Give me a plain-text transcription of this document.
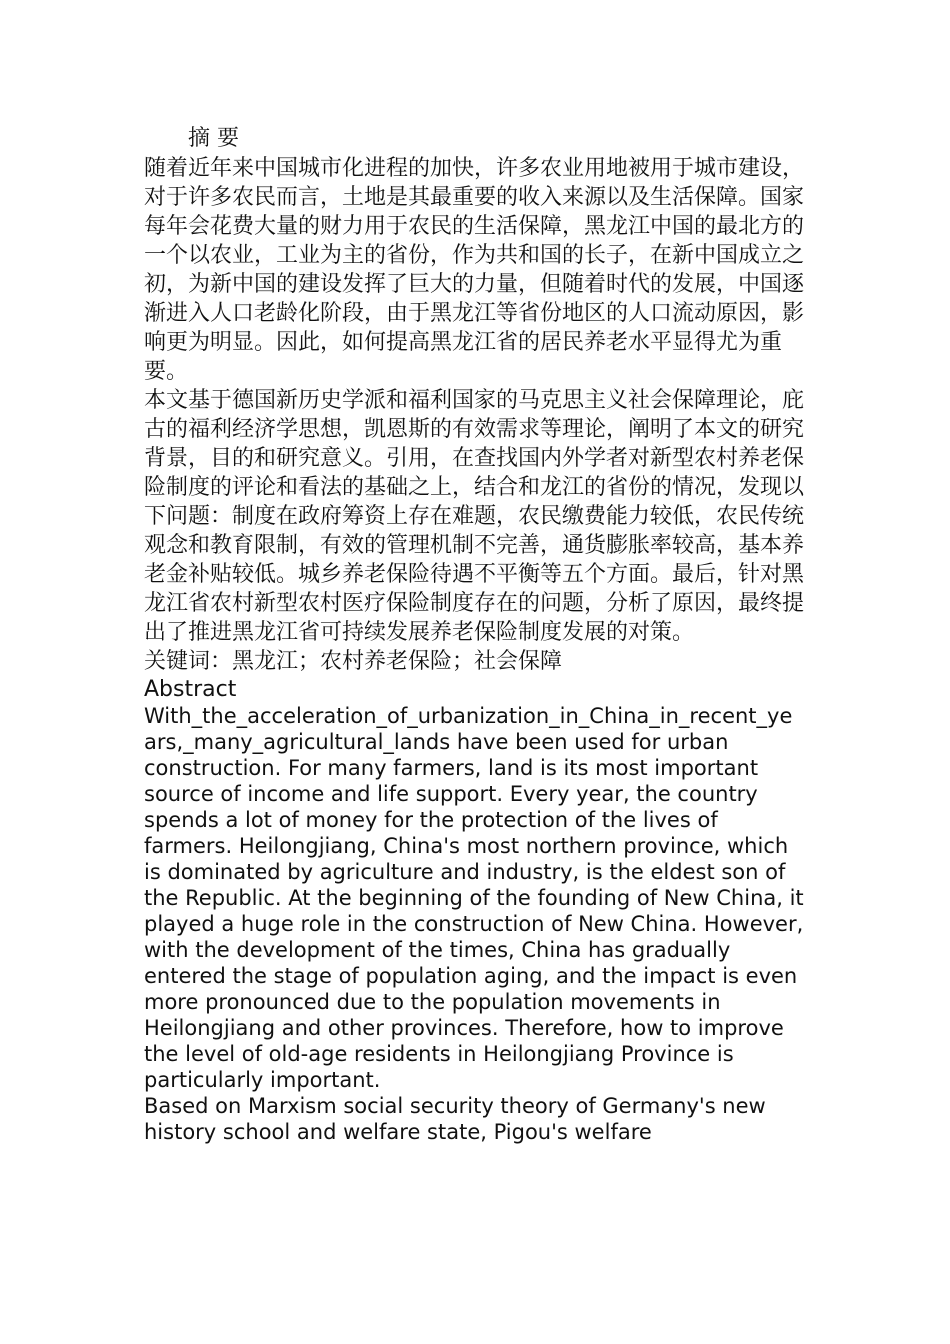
摘 要

随着近年来中国城市化进程的加快，许多农业用地被用于城市建设，对于许多农民而言，土地是其最重要的收入来源以及生活保障。国家每年会花费大量的财力用于农民的生活保障，黑龙江中国的最北方的一个以农业，工业为主的省份，作为共和国的长子，在新中国成立之初，为新中国的建设发挥了巨大的力量，但随着时代的发展，中国逐渐进入人口老龄化阶段，由于黑龙江等省份地区的人口流动原因，影响更为明显。因此，如何提高黑龙江省的居民养老水平显得尤为重要。

本文基于德国新历史学派和福利国家的马克思主义社会保障理论，庇古的福利经济学思想，凯恩斯的有效需求等理论，阐明了本文的研究背景，目的和研究意义。引用，在查找国内外学者对新型农村养老保险制度的评论和看法的基础之上，结合和龙江的省份的情况，发现以下问题：制度在政府筹资上存在难题，农民缴费能力较低，农民传统观念和教育限制，有效的管理机制不完善，通货膨胀率较高，基本养老金补贴较低。城乡养老保险待遇不平衡等五个方面。最后，针对黑龙江省农村新型农村医疗保险制度存在的问题，分析了原因，最终提出了推进黑龙江省可持续发展养老保险制度发展的对策。

关键词：黑龙江；农村养老保险；社会保障

Abstract

With_the_acceleration_of_urbanization_in_China_in_recent_ye
ars,_many_agricultural_lands have been used for urban
construction. For many farmers, land is its most important source of income and life support. Every year, the country spends a lot of money for the protection of the lives of farmers. Heilongjiang, China's most northern province, which is dominated by agriculture and industry, is the eldest son of the Republic. At the beginning of the founding of New China, it played a huge role in the construction of New China. However, with the development of the times, China has gradually entered the stage of population aging, and the impact is even more pronounced due to the population movements in Heilongjiang and other provinces. Therefore, how to improve the level of old-age residents in Heilongjiang Province is particularly important.

Based on Marxism social security theory of Germany's new history school and welfare state, Pigou's welfare
